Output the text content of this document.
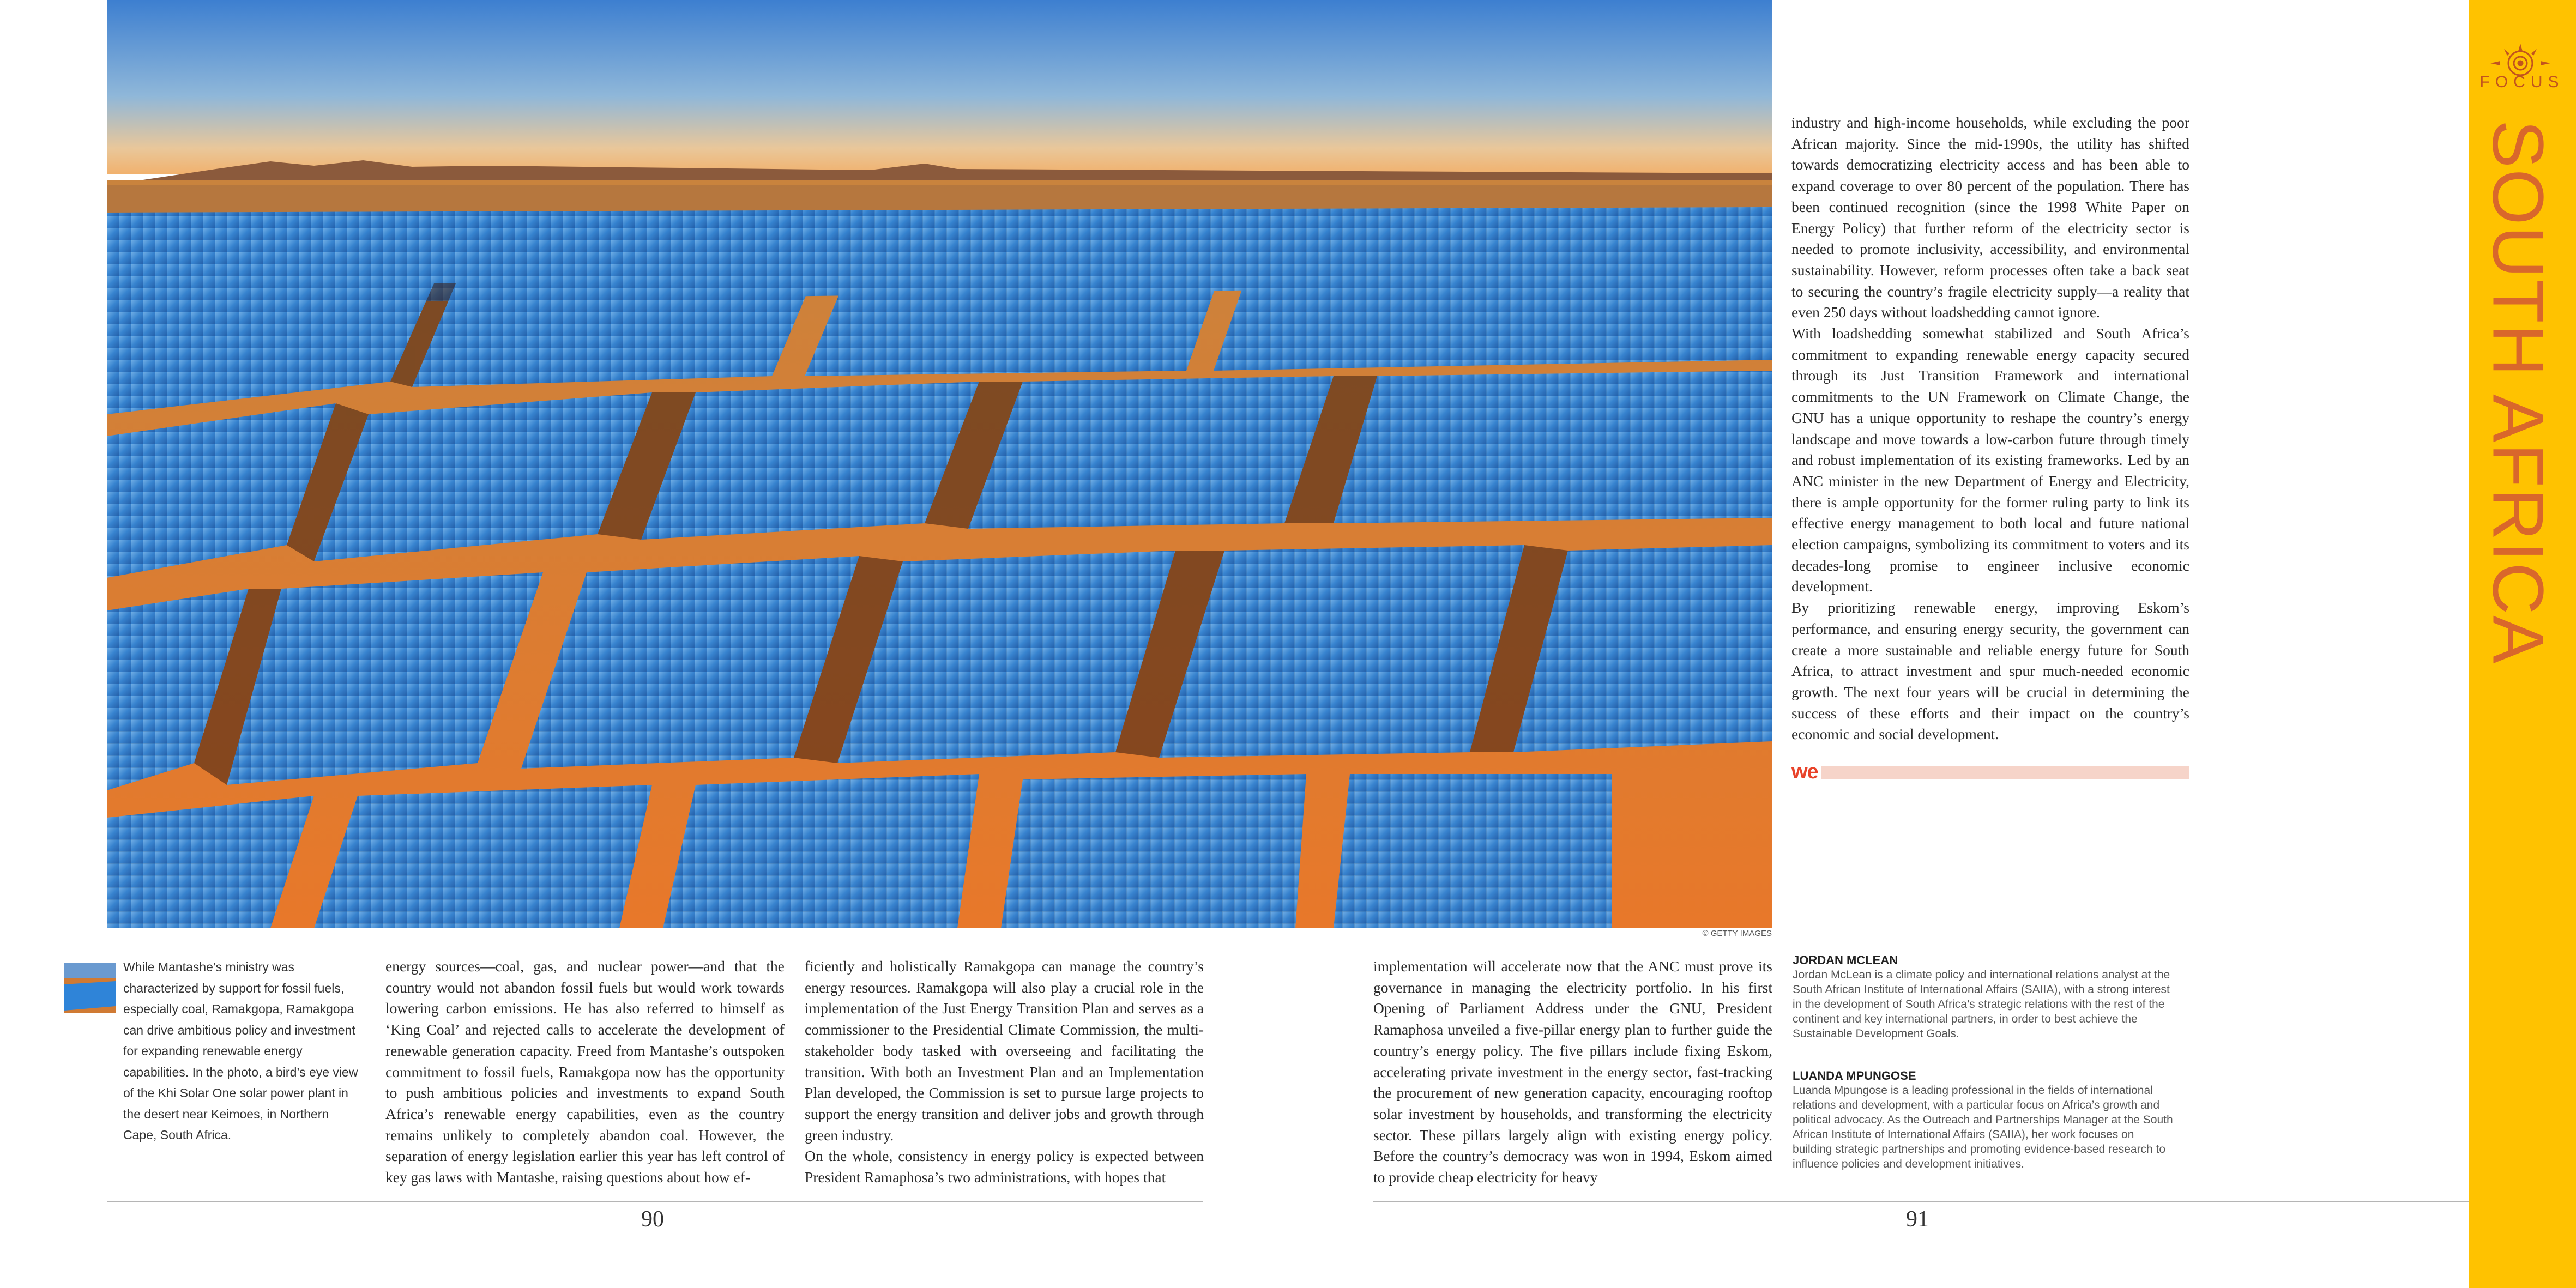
© GETTY IMAGES
While Mantashe’s ministry was characterized by support for fossil fuels, especially coal, Ramakgopa, Ramakgopa can drive ambitious policy and investment for expanding renewable energy capabilities. In the photo, a bird’s eye view of the Khi Solar One solar power plant in the desert near Keimoes, in Northern Cape, South Africa.

energy sources—coal, gas, and nuclear power—and that the country would not abandon fossil fuels but would work towards lowering carbon emissions. He has also referred to himself as ‘King Coal’ and rejected calls to accelerate the development of renewable generation capacity. Freed from Mantashe’s outspoken commitment to fossil fuels, Ramakgopa now has the opportunity to push ambitious policies and investments to expand South Africa’s renewable energy capabilities, even as the country remains unlikely to completely abandon coal. However, the separation of energy legislation earlier this year has left control of key gas laws with Mantashe, raising questions about how ef-

ficiently and holistically Ramakgopa can manage the country’s energy resources. Ramakgopa will also play a crucial role in the implementation of the Just Energy Transition Plan and serves as a commissioner to the Presidential Climate Commission, the multi-stakeholder body tasked with overseeing and facilitating the transition. With both an Investment Plan and an Implementation Plan developed, the Commission is set to pursue large projects to support the energy transition and deliver jobs and growth through green industry.

On the whole, consistency in energy policy is expected between President Ramaphosa’s two administrations, with hopes that

implementation will accelerate now that the ANC must prove its governance in managing the electricity portfolio. In his first Opening of Parliament Address under the GNU, President Ramaphosa unveiled a five-pillar energy plan to further guide the country’s energy policy. The five pillars include fixing Eskom, accelerating private investment in the energy sector, fast-tracking the procurement of new generation capacity, encouraging rooftop solar investment by households, and transforming the electricity sector. These pillars largely align with existing energy policy. Before the country’s democracy was won in 1994, Eskom aimed to provide cheap electricity for heavy

industry and high-income households, while excluding the poor African majority. Since the mid-1990s, the utility has shifted towards democratizing electricity access and has been able to expand coverage to over 80 percent of the population. There has been continued recognition (since the 1998 White Paper on Energy Policy) that further reform of the electricity sector is needed to promote inclusivity, accessibility, and environmental sustainability. However, reform processes often take a back seat to securing the country’s fragile electricity supply—a reality that even 250 days without loadshedding cannot ignore.

With loadshedding somewhat stabilized and South Africa’s commitment to expanding renewable energy capacity secured through its Just Transition Framework and international commitments to the UN Framework on Climate Change, the GNU has a unique opportunity to reshape the country’s energy landscape and move towards a low-carbon future through timely and robust implementation of its existing frameworks. Led by an ANC minister in the new Department of Energy and Electricity, there is ample opportunity for the former ruling party to link its effective energy management to both local and future national election campaigns, symbolizing its commitment to voters and its decades-long promise to engineer inclusive economic development.

By prioritizing renewable energy, improving Eskom’s performance, and ensuring energy security, the government can create a more sustainable and reliable energy future for South Africa, to attract investment and spur much-needed economic growth. The next four years will be crucial in determining the success of these efforts and their impact on the country’s economic and social development.

we
JORDAN MCLEAN
Jordan McLean is a climate policy and international relations analyst at the South African Institute of International Affairs (SAIIA), with a strong interest in the development of South Africa’s strategic relations with the rest of the continent and key international partners, in order to best achieve the Sustainable Development Goals.
LUANDA MPUNGOSE
Luanda Mpungose is a leading professional in the fields of international relations and development, with a particular focus on Africa’s growth and political advocacy. As the Outreach and Partnerships Manager at the South African Institute of International Affairs (SAIIA), her work focuses on building strategic partnerships and promoting evidence-based research to influence policies and development initiatives.
90	91
FOCUS
SOUTH AFRICA
